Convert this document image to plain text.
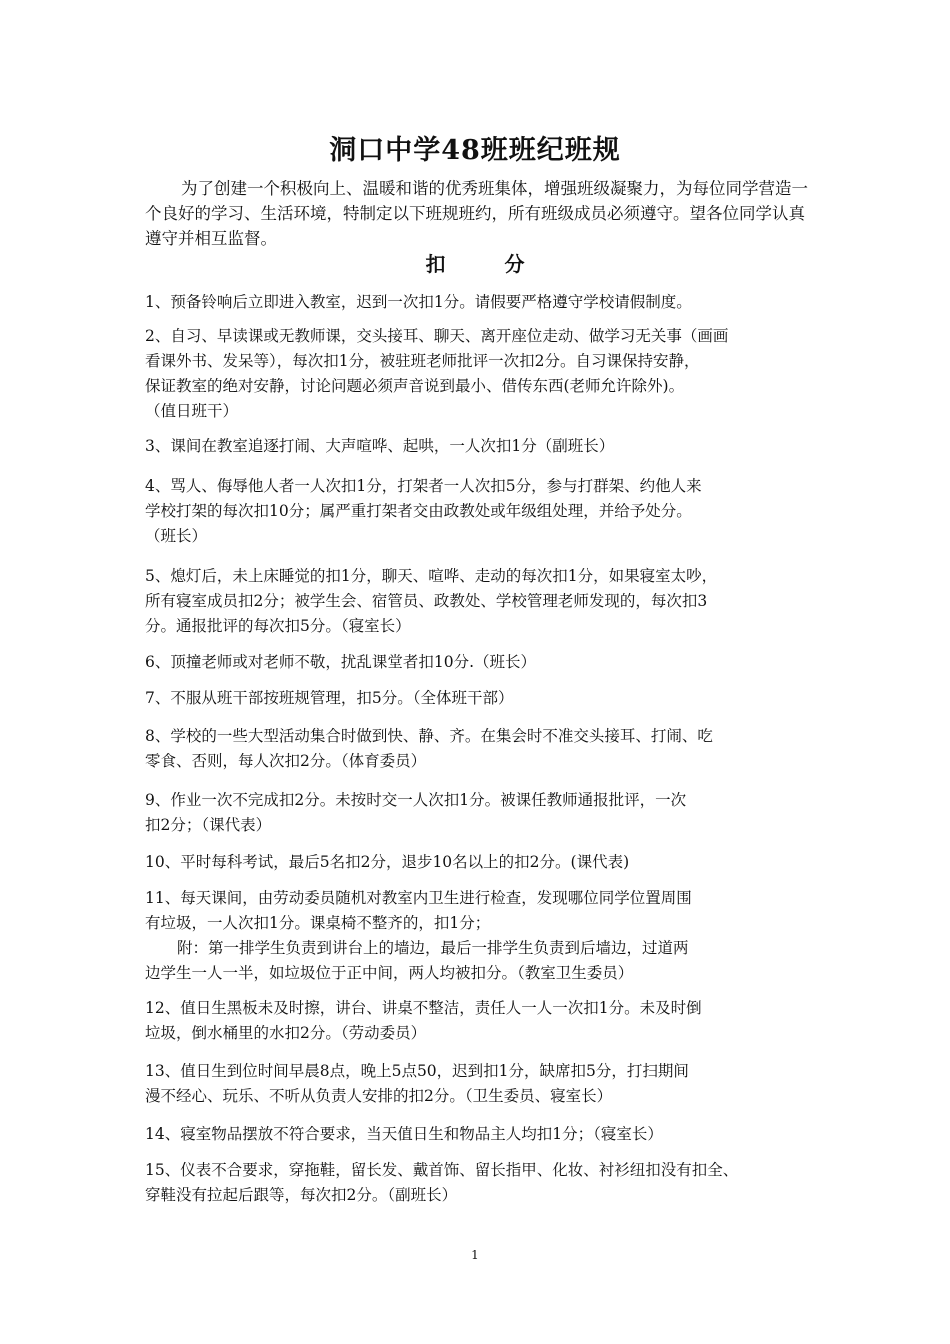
洞口中学48班班纪班规

为了创建一个积极向上、温暖和谐的优秀班集体，增强班级凝聚力，为每位同学营造一个良好的学习、生活环境，特制定以下班规班约，所有班级成员必须遵守。望各位同学认真遵守并相互监督。

扣 分
1、预备铃响后立即进入教室，迟到一次扣1分。请假要严格遵守学校请假制度。
2、自习、早读课或无教师课，交头接耳、聊天、离开座位走动、做学习无关事（画画
看课外书、发呆等），每次扣1分，被驻班老师批评一次扣2分。自习课保持安静，
保证教室的绝对安静，讨论问题必须声音说到最小、借传东西(老师允许除外)。
（值日班干）
3、课间在教室追逐打闹、大声喧哗、起哄，一人次扣1分（副班长）
4、骂人、侮辱他人者一人次扣1分，打架者一人次扣5分，参与打群架、约他人来
学校打架的每次扣10分；属严重打架者交由政教处或年级组处理，并给予处分。
（班长）
5、熄灯后，未上床睡觉的扣1分，聊天、喧哗、走动的每次扣1分，如果寝室太吵，
所有寝室成员扣2分；被学生会、宿管员、政教处、学校管理老师发现的，每次扣3
分。通报批评的每次扣5分。（寝室长）
6、顶撞老师或对老师不敬，扰乱课堂者扣10分.（班长）
7、不服从班干部按班规管理，扣5分。（全体班干部）
8、学校的一些大型活动集合时做到快、静、齐。在集会时不准交头接耳、打闹、吃
零食、否则，每人次扣2分。（体育委员）
9、作业一次不完成扣2分。未按时交一人次扣1分。被课任教师通报批评，一次
扣2分；（课代表）
10、平时每科考试，最后5名扣2分，退步10名以上的扣2分。(课代表)
11、每天课间，由劳动委员随机对教室内卫生进行检查，发现哪位同学位置周围
有垃圾，一人次扣1分。课桌椅不整齐的，扣1分；
附：第一排学生负责到讲台上的墙边，最后一排学生负责到后墙边，过道两
边学生一人一半，如垃圾位于正中间，两人均被扣分。（教室卫生委员）
12、值日生黑板未及时擦，讲台、讲桌不整洁，责任人一人一次扣1分。未及时倒
垃圾，倒水桶里的水扣2分。（劳动委员）
13、值日生到位时间早晨8点，晚上5点50，迟到扣1分，缺席扣5分，打扫期间
漫不经心、玩乐、不听从负责人安排的扣2分。（卫生委员、寝室长）
14、寝室物品摆放不符合要求，当天值日生和物品主人均扣1分；（寝室长）
15、仪表不合要求，穿拖鞋，留长发、戴首饰、留长指甲、化妆、衬衫纽扣没有扣全、
穿鞋没有拉起后跟等，每次扣2分。（副班长）
1
